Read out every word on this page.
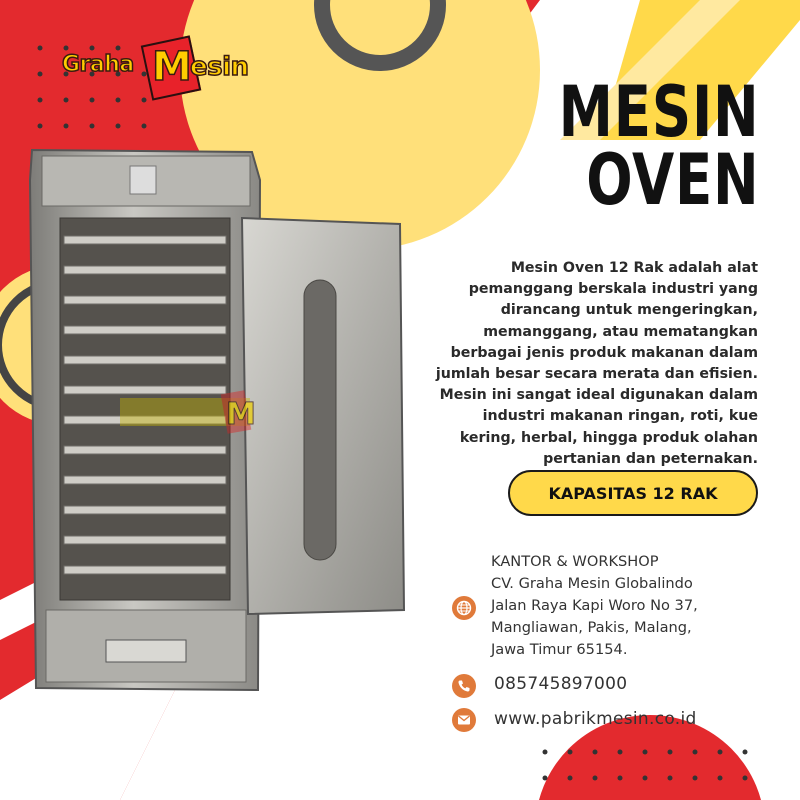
M
Graha M
esin
MESIN
OVEN
Mesin Oven 12 Rak adalah alat
pemanggang berskala industri yang
dirancang untuk mengeringkan,
memanggang, atau mematangkan
berbagai jenis produk makanan dalam
jumlah besar secara merata dan efisien.
Mesin ini sangat ideal digunakan dalam
industri makanan ringan, roti, kue
kering, herbal, hingga produk olahan
pertanian dan peternakan.
KAPASITAS 12 RAK
KANTOR & WORKSHOP
CV. Graha Mesin Globalindo
Jalan Raya Kapi Woro No 37,
Mangliawan, Pakis, Malang,
Jawa Timur 65154.
085745897000
www.pabrikmesin.co.id
